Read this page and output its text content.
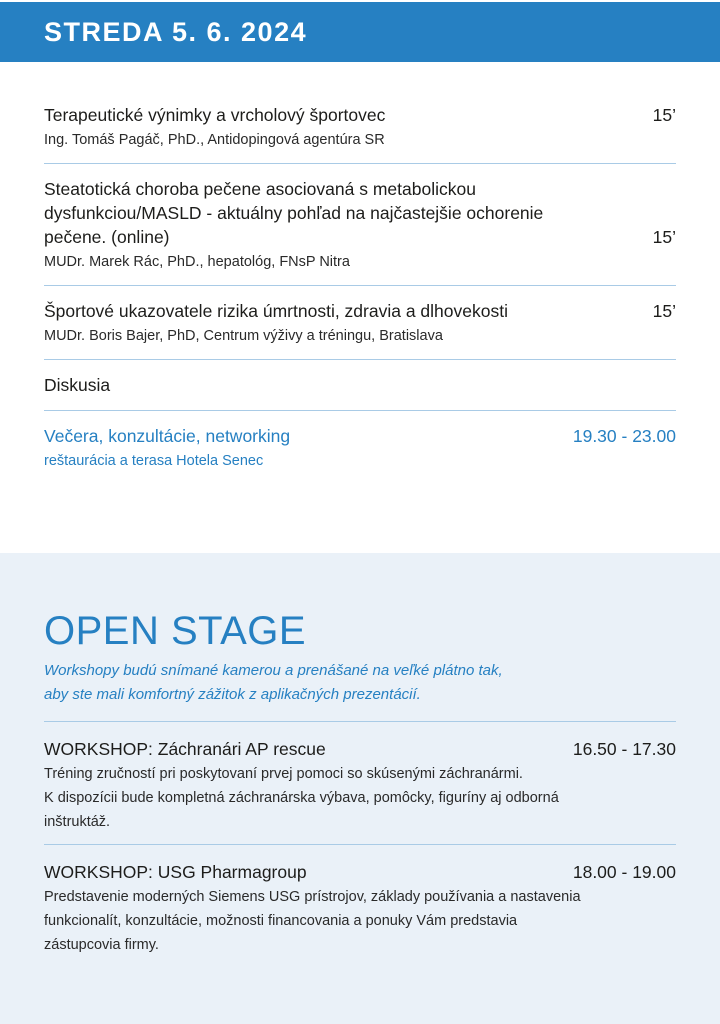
STREDA 5. 6. 2024
Terapeutické výnimky a vrcholový športovec	15’
Ing. Tomáš Pagáč, PhD., Antidopingová agentúra SR
Steatotická choroba pečene asociovaná s metabolickou dysfunkciou/MASLD - aktuálny pohľad na najčastejšie ochorenie pečene. (online)	15’
MUDr. Marek Rác, PhD., hepatológ, FNsP Nitra
Športové ukazovatele rizika úmrtnosti, zdravia a dlhovekosti	15’
MUDr. Boris Bajer, PhD, Centrum výživy a tréningu, Bratislava
Diskusia
Večera, konzultácie, networking	19.30 - 23.00
reštaurácia a terasa Hotela Senec
OPEN STAGE
Workshopy budú snímané kamerou a prenášané na veľké plátno tak,
aby ste mali komfortný zážitok z aplikačných prezentácií.
WORKSHOP: Záchranári AP rescue	16.50 - 17.30
Tréning zručností pri poskytovaní prvej pomoci so skúsenými záchranármi.
K dispozícii bude kompletná záchranárska výbava, pomôcky, figuríny aj odborná
inštruktáž.
WORKSHOP: USG Pharmagroup	18.00 - 19.00
Predstavenie moderných Siemens USG prístrojov, základy používania a nastavenia
funkcionalít, konzultácie, možnosti financovania a ponuky Vám predstavia
zástupcovia firmy.
